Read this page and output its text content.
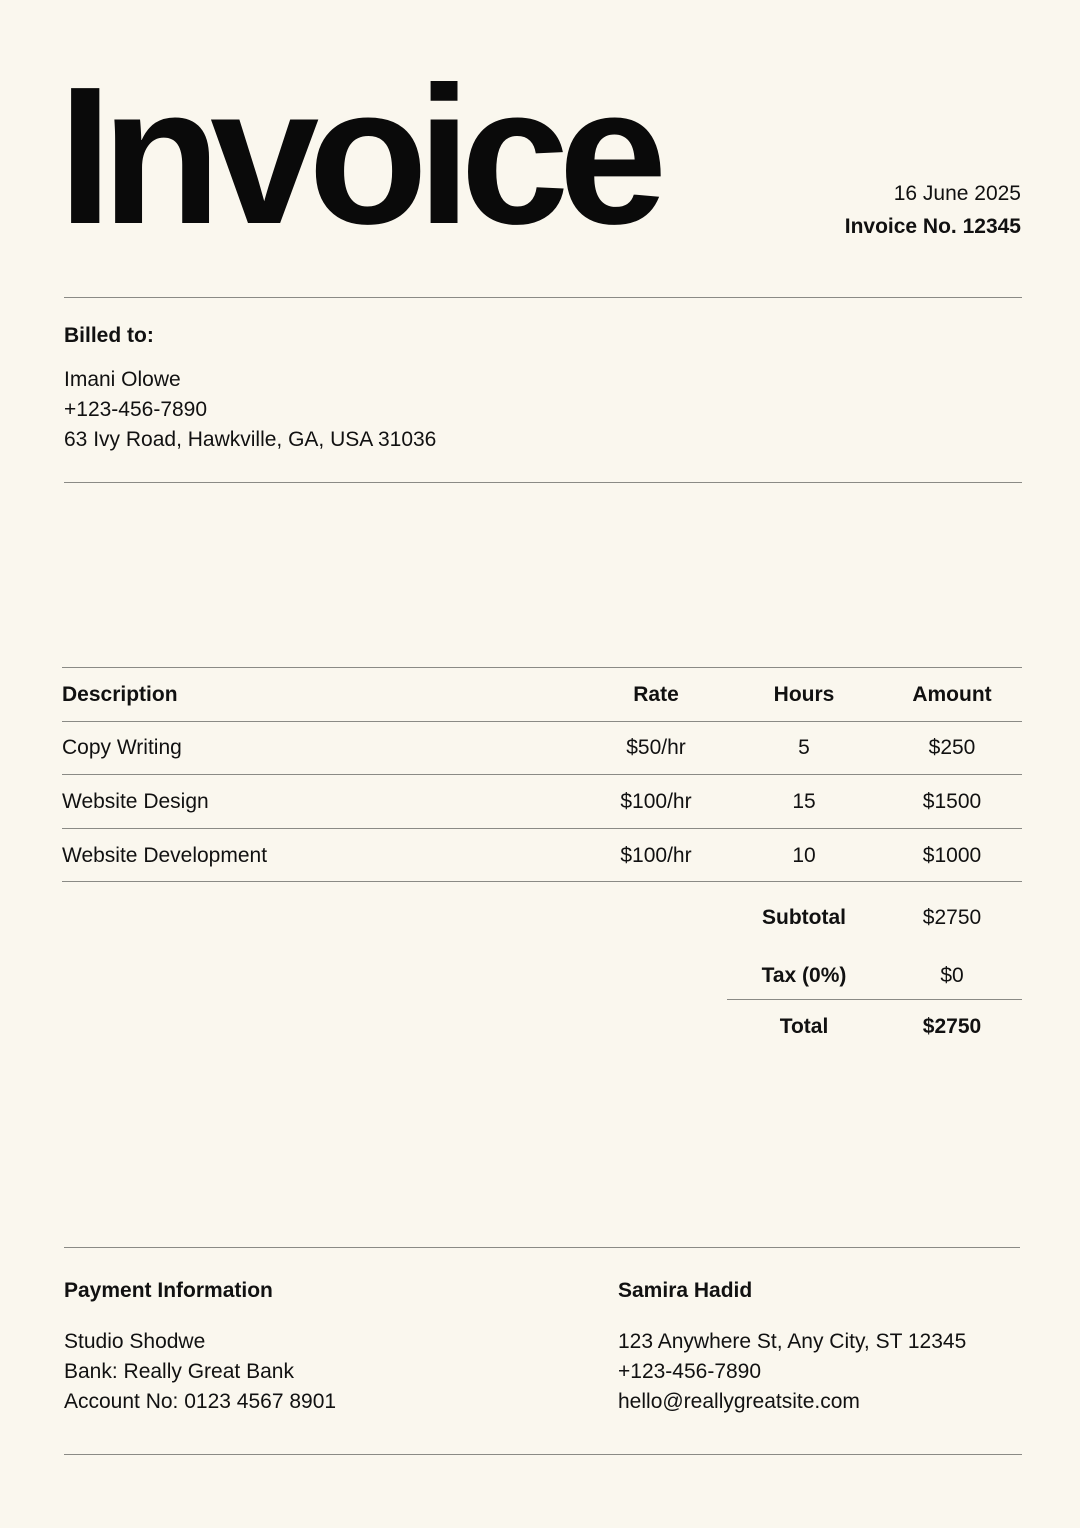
Invoice	16 June 2025
Invoice No. 12345
Billed to:
Imani Olowe
+123-456-7890
63 Ivy Road, Hawkville, GA, USA 31036
Description	Rate	Hours	Amount
Copy Writing	$50/hr	5	$250
Website Design	$100/hr	15	$1500
Website Development	$100/hr	10	$1000
Subtotal	$2750
Tax (0%)	$0
Total	$2750
Payment Information
Studio Shodwe
Bank: Really Great Bank
Account No: 0123 4567 8901
Samira Hadid
123 Anywhere St, Any City, ST 12345
+123-456-7890
hello@reallygreatsite.com
